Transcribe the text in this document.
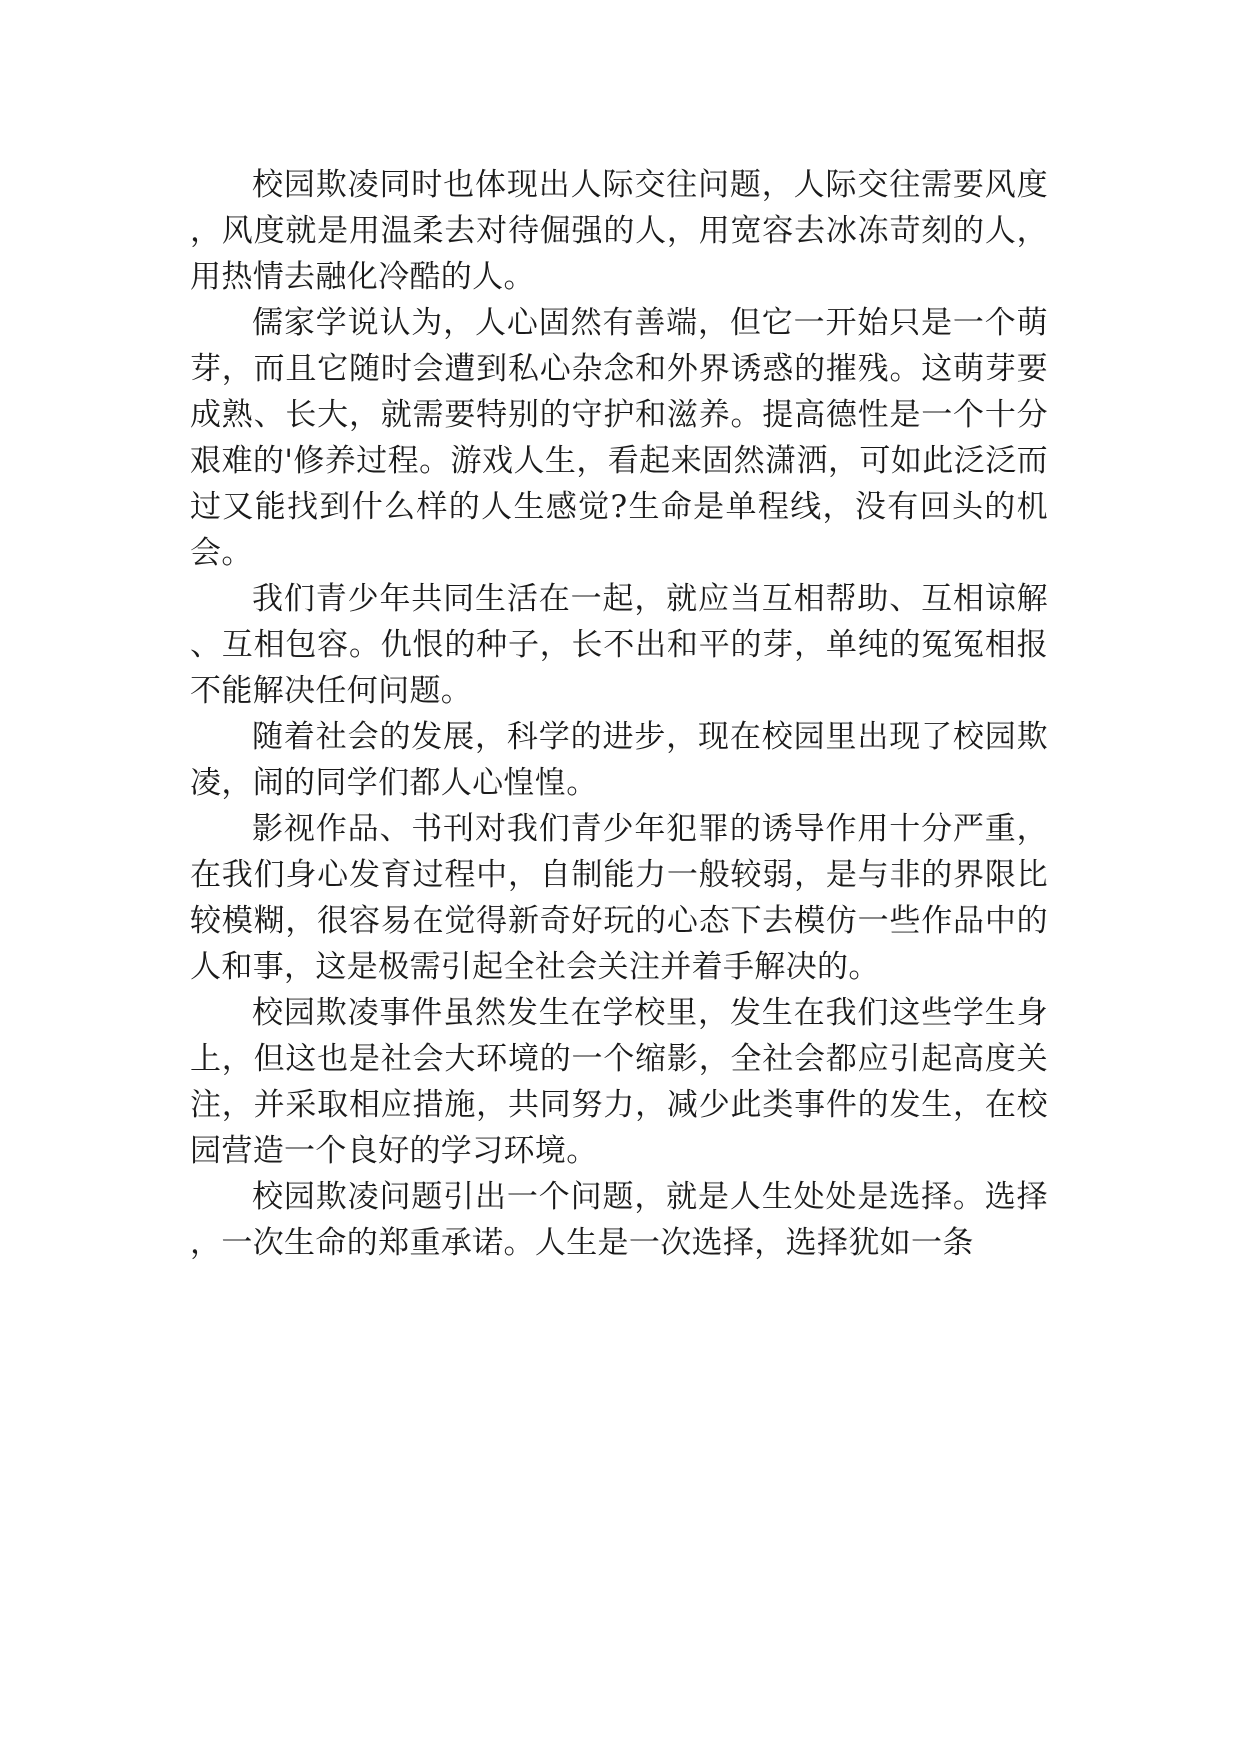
校园欺凌同时也体现出人际交往问题，人际交往需要风度，风度就是用温柔去对待倔强的人，用宽容去冰冻苛刻的人，用热情去融化冷酷的人。

儒家学说认为，人心固然有善端，但它一开始只是一个萌芽，而且它随时会遭到私心杂念和外界诱惑的摧残。这萌芽要成熟、长大，就需要特别的守护和滋养。提高德性是一个十分艰难的'修养过程。游戏人生，看起来固然潇洒，可如此泛泛而过又能找到什么样的人生感觉?生命是单程线，没有回头的机会。

我们青少年共同生活在一起，就应当互相帮助、互相谅解、互相包容。仇恨的种子，长不出和平的芽，单纯的冤冤相报不能解决任何问题。

随着社会的发展，科学的进步，现在校园里出现了校园欺凌，闹的同学们都人心惶惶。

影视作品、书刊对我们青少年犯罪的诱导作用十分严重，在我们身心发育过程中，自制能力一般较弱，是与非的界限比较模糊，很容易在觉得新奇好玩的心态下去模仿一些作品中的人和事，这是极需引起全社会关注并着手解决的。

校园欺凌事件虽然发生在学校里，发生在我们这些学生身上，但这也是社会大环境的一个缩影，全社会都应引起高度关注，并采取相应措施，共同努力，减少此类事件的发生，在校园营造一个良好的学习环境。

校园欺凌问题引出一个问题，就是人生处处是选择。选择，一次生命的郑重承诺。人生是一次选择，选择犹如一条
